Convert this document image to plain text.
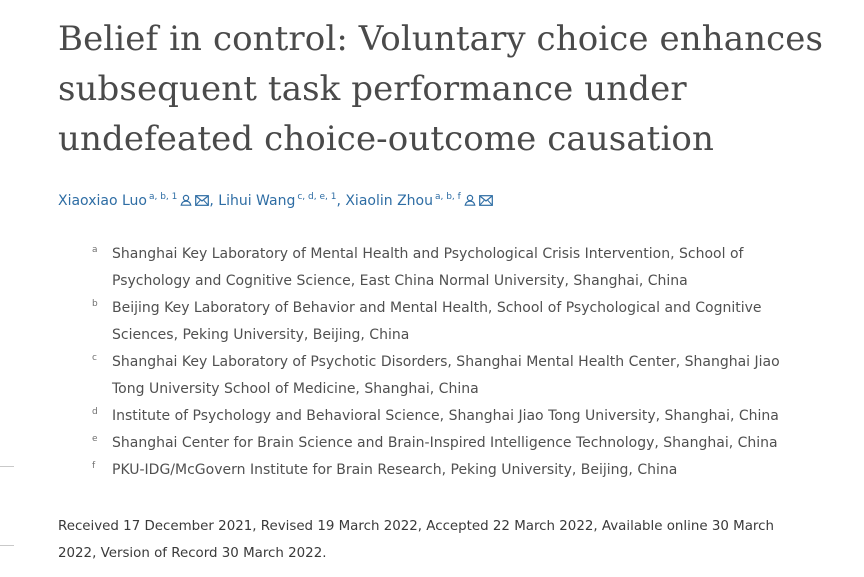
Belief in control: Voluntary choice enhances
subsequent task performance under
undefeated choice-outcome causation
Xiaoxiao Luo $^{a, b, 1}$ , Lihui Wang $^{c, d, e, 1}$, Xiaolin Zhou $^{a, b, f}$
a Shanghai Key Laboratory of Mental Health and Psychological Crisis Intervention, School of
Psychology and Cognitive Science, East China Normal University, Shanghai, China
b Beijing Key Laboratory of Behavior and Mental Health, School of Psychological and Cognitive
Sciences, Peking University, Beijing, China
c Shanghai Key Laboratory of Psychotic Disorders, Shanghai Mental Health Center, Shanghai Jiao
Tong University School of Medicine, Shanghai, China
d Institute of Psychology and Behavioral Science, Shanghai Jiao Tong University, Shanghai, China
e Shanghai Center for Brain Science and Brain-Inspired Intelligence Technology, Shanghai, China
f PKU-IDG/McGovern Institute for Brain Research, Peking University, Beijing, China
Received 17 December 2021, Revised 19 March 2022, Accepted 22 March 2022, Available online 30 March
2022, Version of Record 30 March 2022.
